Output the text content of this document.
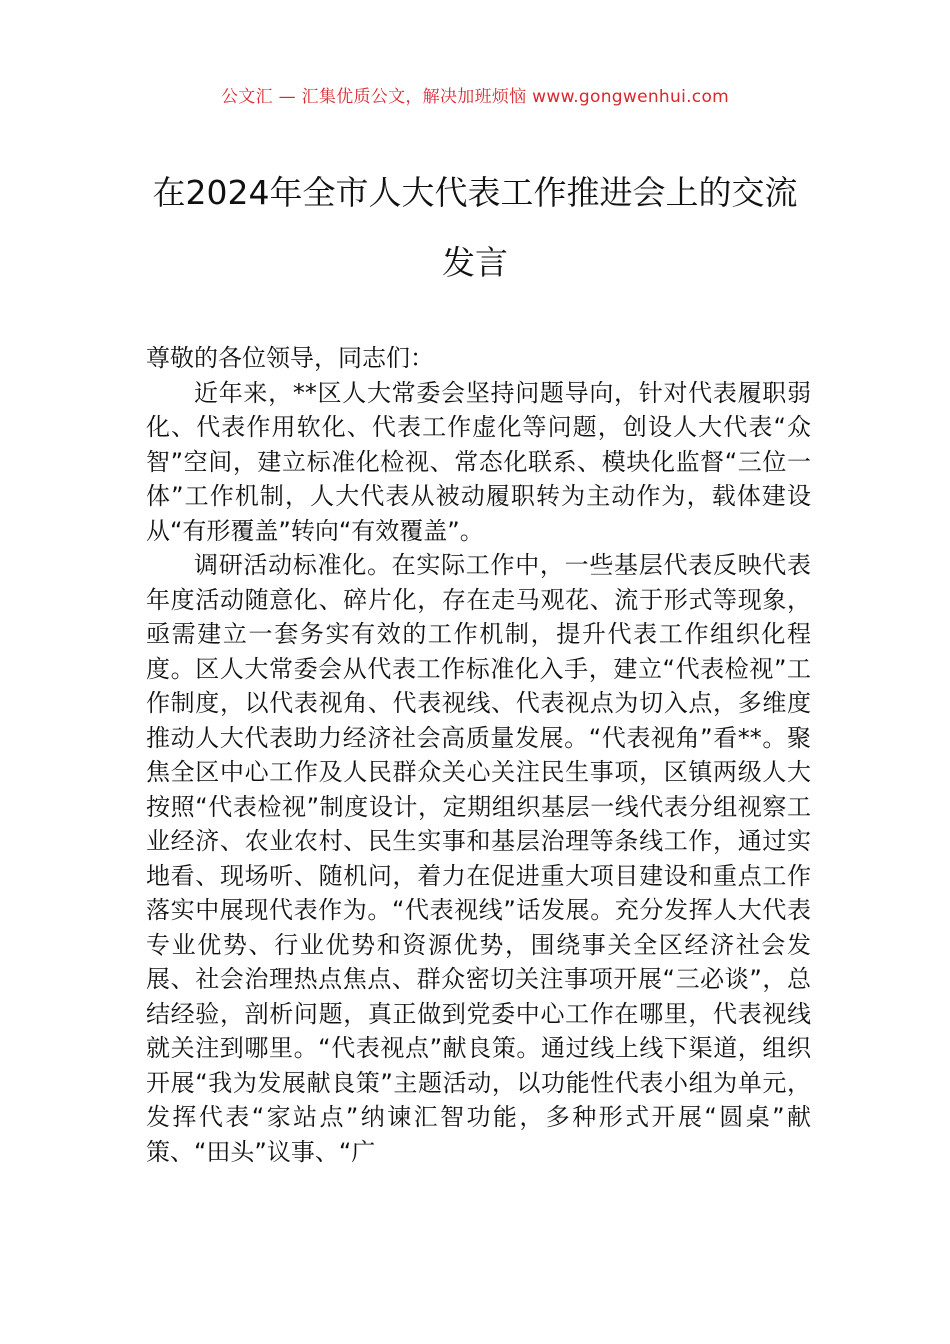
公文汇 — 汇集优质公文，解决加班烦恼 www.gongwenhui.com
在2024年全市人大代表工作推进会上的交流发言

尊敬的各位领导，同志们：

近年来，**区人大常委会坚持问题导向，针对代表履职弱化、代表作用软化、代表工作虚化等问题，创设人大代表“众智”空间，建立标准化检视、常态化联系、模块化监督“三位一体”工作机制，人大代表从被动履职转为主动作为，载体建设从“有形覆盖”转向“有效覆盖”。

调研活动标准化。在实际工作中，一些基层代表反映代表年度活动随意化、碎片化，存在走马观花、流于形式等现象，亟需建立一套务实有效的工作机制，提升代表工作组织化程度。区人大常委会从代表工作标准化入手，建立“代表检视”工作制度，以代表视角、代表视线、代表视点为切入点，多维度推动人大代表助力经济社会高质量发展。“代表视角”看**。聚焦全区中心工作及人民群众关心关注民生事项，区镇两级人大按照“代表检视”制度设计，定期组织基层一线代表分组视察工业经济、农业农村、民生实事和基层治理等条线工作，通过实地看、现场听、随机问，着力在促进重大项目建设和重点工作落实中展现代表作为。“代表视线”话发展。充分发挥人大代表专业优势、行业优势和资源优势，围绕事关全区经济社会发展、社会治理热点焦点、群众密切关注事项开展“三必谈”，总结经验，剖析问题，真正做到党委中心工作在哪里，代表视线就关注到哪里。“代表视点”献良策。通过线上线下渠道，组织开展“我为发展献良策”主题活动，以功能性代表小组为单元，发挥代表“家站点”纳谏汇智功能，多种形式开展“圆桌”献策、“田头”议事、“广
